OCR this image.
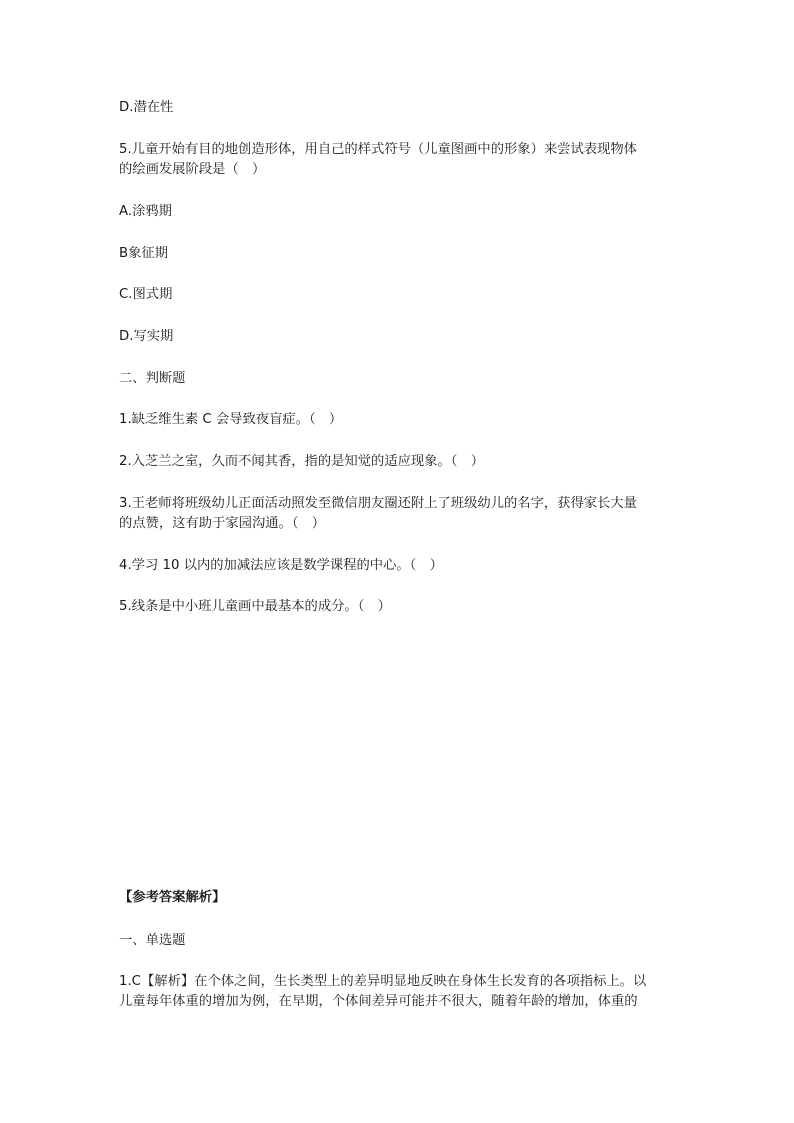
D.潜在性
5.儿童开始有目的地创造形体，用自己的样式符号（儿童图画中的形象）来尝试表现物体
的绘画发展阶段是（　）
A.涂鸦期
B象征期
C.图式期
D.写实期
二、判断题
1.缺乏维生素 C 会导致夜盲症。（　）
2.入芝兰之室，久而不闻其香，指的是知觉的适应现象。（　）
3.王老师将班级幼儿正面活动照发至微信朋友圈还附上了班级幼儿的名字，获得家长大量
的点赞，这有助于家园沟通。（　）
4.学习 10 以内的加减法应该是数学课程的中心。（　）
5.线条是中小班儿童画中最基本的成分。（　）
【参考答案解析】
一、单选题
1.C【解析】在个体之间，生长类型上的差异明显地反映在身体生长发育的各项指标上。以
儿童每年体重的增加为例，在早期，个体间差异可能并不很大，随着年龄的增加，体重的
